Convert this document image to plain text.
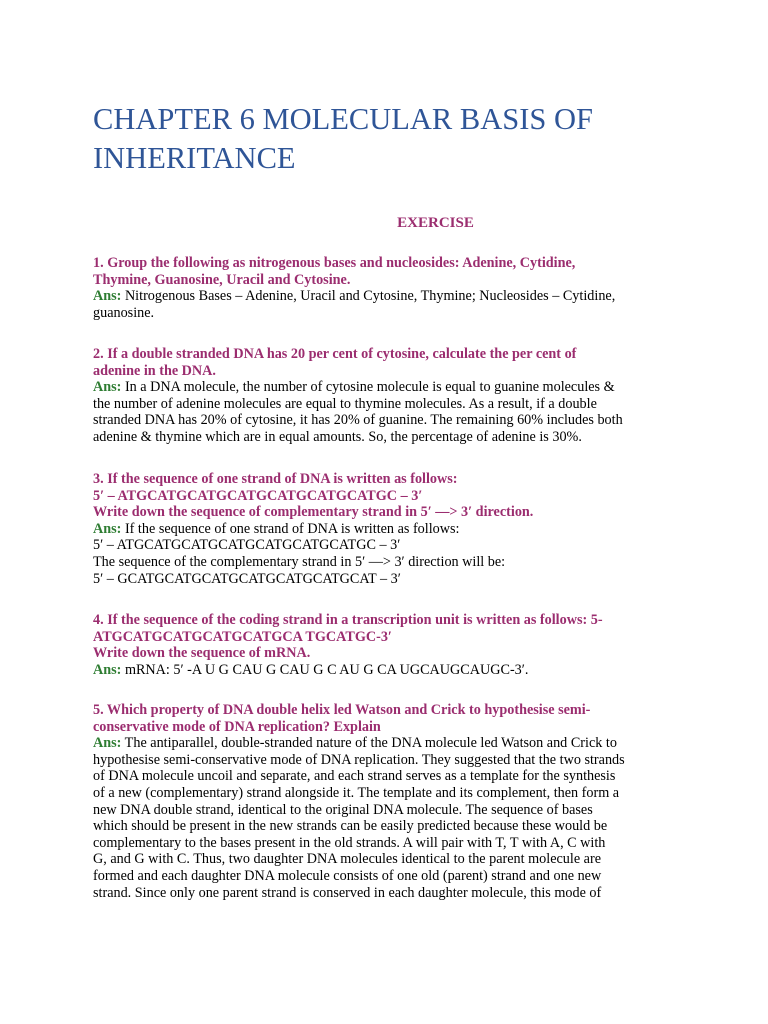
CHAPTER 6 MOLECULAR BASIS OF INHERITANCE
EXERCISE

1. Group the following as nitrogenous bases and nucleosides: Adenine, Cytidine,
Thymine, Guanosine, Uracil and Cytosine.

Ans: Nitrogenous Bases – Adenine, Uracil and Cytosine, Thymine; Nucleosides – Cytidine,
guanosine.

2. If a double stranded DNA has 20 per cent of cytosine, calculate the per cent of
adenine in the DNA.

Ans: In a DNA molecule, the number of cytosine molecule is equal to guanine molecules &
the number of adenine molecules are equal to thymine molecules. As a result, if a double
stranded DNA has 20% of cytosine, it has 20% of guanine. The remaining 60% includes both
adenine & thymine which are in equal amounts. So, the percentage of adenine is 30%.

3. If the sequence of one strand of DNA is written as follows:
5′ – ATGCATGCATGCATGCATGCATGCATGC – 3′
Write down the sequence of complementary strand in 5′ —> 3′ direction.

Ans: If the sequence of one strand of DNA is written as follows:
5′ – ATGCATGCATGCATGCATGCATGCATGC – 3′
The sequence of the complementary strand in 5′ —> 3′ direction will be:
5′ – GCATGCATGCATGCATGCATGCATGCAT – 3′

4. If the sequence of the coding strand in a transcription unit is written as follows: 5-
ATGCATGCATGCATGCATGCA TGCATGC-3′
Write down the sequence of mRNA.

Ans: mRNA: 5′ -A U G CAU G CAU G C AU G CA UGCAUGCAUGC-3′.

5. Which property of DNA double helix led Watson and Crick to hypothesise semi-
conservative mode of DNA replication? Explain

Ans: The antiparallel, double-stranded nature of the DNA molecule led Watson and Crick to
hypothesise semi-conservative mode of DNA replication. They suggested that the two strands
of DNA molecule uncoil and separate, and each strand serves as a template for the synthesis
of a new (complementary) strand alongside it. The template and its complement, then form a
new DNA double strand, identical to the original DNA molecule. The sequence of bases
which should be present in the new strands can be easily predicted because these would be
complementary to the bases present in the old strands. A will pair with T, T with A, C with
G, and G with C. Thus, two daughter DNA molecules identical to the parent molecule are
formed and each daughter DNA molecule consists of one old (parent) strand and one new
strand. Since only one parent strand is conserved in each daughter molecule, this mode of
